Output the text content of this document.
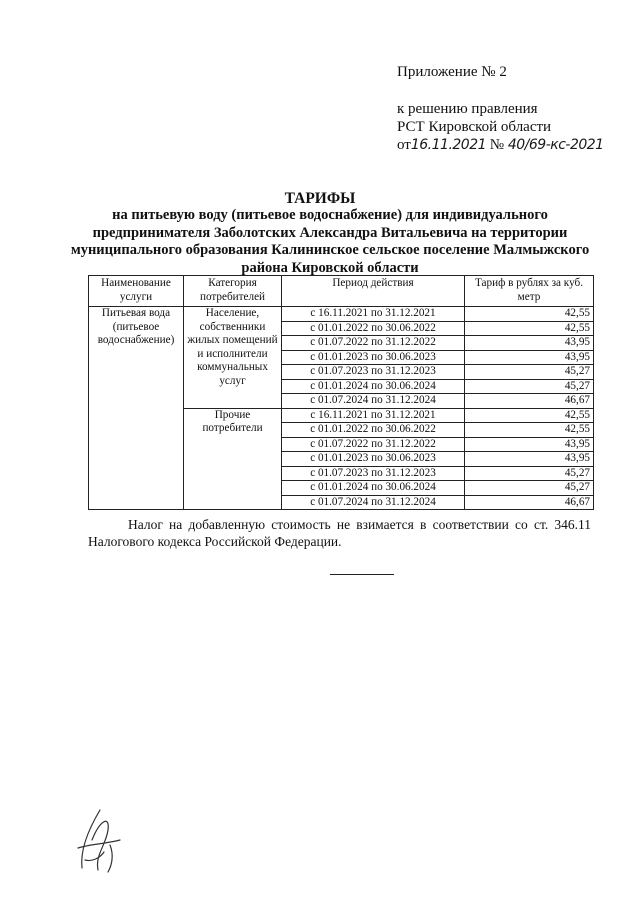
Приложение № 2
к решению правления
РСТ Кировской области
от16.11.2021 № 40/69-кс-2021
ТАРИФЫ
на питьевую воду (питьевое водоснабжение) для индивидуального предпринимателя Заболотских Александра Витальевича на территории муниципального образования Калининское сельское поселение Малмыжского района Кировской области
Наименование услуги	Категория потребителей	Период действия	Тариф в рублях за куб. метр
Питьевая вода (питьевое водоснабжение)	Население, собственники жилых помещений и исполнители коммунальных услуг	с 16.11.2021 по 31.12.2021	42,55
		с 01.01.2022 по 30.06.2022	42,55
		с 01.07.2022 по 31.12.2022	43,95
		с 01.01.2023 по 30.06.2023	43,95
		с 01.07.2023 по 31.12.2023	45,27
		с 01.01.2024 по 30.06.2024	45,27
		с 01.07.2024 по 31.12.2024	46,67
	Прочие потребители	с 16.11.2021 по 31.12.2021	42,55
		с 01.01.2022 по 30.06.2022	42,55
		с 01.07.2022 по 31.12.2022	43,95
		с 01.01.2023 по 30.06.2023	43,95
		с 01.07.2023 по 31.12.2023	45,27
		с 01.01.2024 по 30.06.2024	45,27
		с 01.07.2024 по 31.12.2024	46,67
Налог на добавленную стоимость не взимается в соответствии со ст. 346.11 Налогового кодекса Российской Федерации.
